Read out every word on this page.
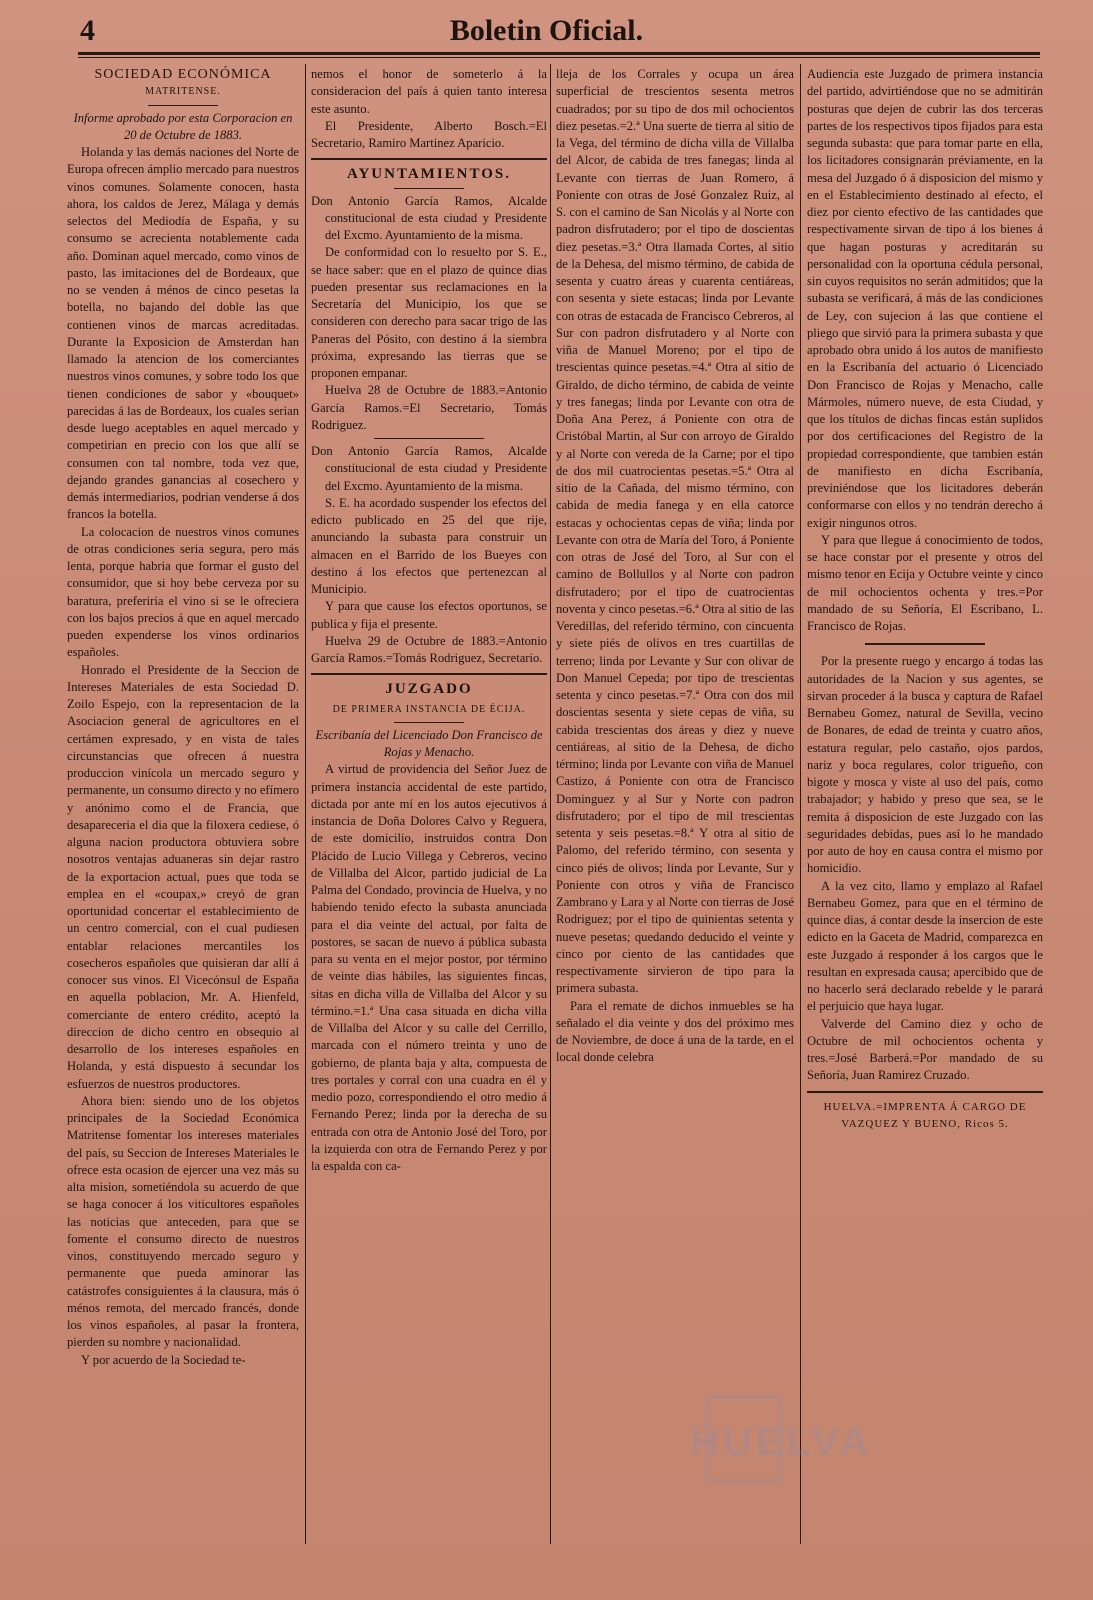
4	Boletin Oficial.

SOCIEDAD ECONÓMICA

MATRITENSE.

Informe aprobado por esta Corporacion en 20 de Octubre de 1883.

Holanda y las demás naciones del Norte de Europa ofrecen ámplio mercado para nuestros vinos comunes. Solamente conocen, hasta ahora, los caldos de Jerez, Málaga y demás selectos del Mediodía de España, y su consumo se acrecienta notablemente cada año. Dominan aquel mercado, como vinos de pasto, las imitaciones del de Bordeaux, que no se venden á ménos de cinco pesetas la botella, no bajando del doble las que contienen vinos de marcas acreditadas. Durante la Exposicion de Amsterdan han llamado la atencion de los comerciantes nuestros vinos comunes, y sobre todo los que tienen condiciones de sabor y «bouquet» parecidas á las de Bordeaux, los cuales serian desde luego aceptables en aquel mercado y competirian en precio con los que allí se consumen con tal nombre, toda vez que, dejando grandes ganancias al cosechero y demás intermediarios, podrian venderse á dos francos la botella.

La colocacion de nuestros vinos comunes de otras condiciones seria segura, pero más lenta, porque habria que formar el gusto del consumidor, que si hoy bebe cerveza por su baratura, preferiria el vino si se le ofreciera con los bajos precios á que en aquel mercado pueden expenderse los vinos ordinarios españoles.

Honrado el Presidente de la Seccion de Intereses Materiales de esta Sociedad D. Zoilo Espejo, con la representacion de la Asociacion general de agricultores en el certámen expresado, y en vista de tales circunstancias que ofrecen á nuestra produccion vinícola un mercado seguro y permanente, un consumo directo y no efímero y anónimo como el de Francia, que desapareceria el dia que la filoxera cediese, ó alguna nacion productora obtuviera sobre nosotros ventajas aduaneras sin dejar rastro de la exportacion actual, pues que toda se emplea en el «coupax,» creyó de gran oportunidad concertar el establecimiento de un centro comercial, con el cual pudiesen entablar relaciones mercantiles los cosecheros españoles que quisieran dar allí á conocer sus vinos. El Vicecónsul de España en aquella poblacion, Mr. A. Hienfeld, comerciante de entero crédito, aceptó la direccion de dicho centro en obsequio al desarrollo de los intereses españoles en Holanda, y está dispuesto á secundar los esfuerzos de nuestros productores.

Ahora bien: siendo uno de los objetos principales de la Sociedad Económica Matritense fomentar los intereses materiales del país, su Seccion de Intereses Materiales le ofrece esta ocasion de ejercer una vez más su alta mision, sometiéndola su acuerdo de que se haga conocer á los viticultores españoles las noticias que anteceden, para que se fomente el consumo directo de nuestros vinos, constituyendo mercado seguro y permanente que pueda aminorar las catástrofes consiguientes á la clausura, más ó ménos remota, del mercado francés, donde los vinos españoles, al pasar la frontera, pierden su nombre y nacionalidad.

Y por acuerdo de la Sociedad te-

nemos el honor de someterlo á la consideracion del país á quien tanto interesa este asunto.

El Presidente, Alberto Bosch.=El Secretario, Ramiro Martinez Aparicio.

AYUNTAMIENTOS.

Don Antonio García Ramos, Alcalde constitucional de esta ciudad y Presidente del Excmo. Ayuntamiento de la misma.

De conformidad con lo resuelto por S. E., se hace saber: que en el plazo de quince dias pueden presentar sus reclamaciones en la Secretaría del Municipio, los que se consideren con derecho para sacar trigo de las Paneras del Pósito, con destino á la siembra próxima, expresando las tierras que se proponen empanar.

Huelva 28 de Octubre de 1883.=Antonio García Ramos.=El Secretario, Tomás Rodriguez.

Don Antonio García Ramos, Alcalde constitucional de esta ciudad y Presidente del Excmo. Ayuntamiento de la misma.

S. E. ha acordado suspender los efectos del edicto publicado en 25 del que rije, anunciando la subasta para construir un almacen en el Barrido de los Bueyes con destino á los efectos que pertenezcan al Municipio.

Y para que cause los efectos oportunos, se publica y fija el presente.

Huelva 29 de Octubre de 1883.=Antonio García Ramos.=Tomás Rodriguez, Secretario.

JUZGADO

DE PRIMERA INSTANCIA DE ÉCIJA.

Escribanía del Licenciado Don Francisco de Rojas y Menacho.

A virtud de providencia del Señor Juez de primera instancia accidental de este partido, dictada por ante mí en los autos ejecutivos á instancia de Doña Dolores Calvo y Reguera, de este domicilio, instruidos contra Don Plácido de Lucio Villega y Cebreros, vecino de Villalba del Alcor, partido judicial de La Palma del Condado, provincia de Huelva, y no habiendo tenido efecto la subasta anunciada para el dia veinte del actual, por falta de postores, se sacan de nuevo á pública subasta para su venta en el mejor postor, por término de veinte dias hábiles, las siguientes fincas, sitas en dicha villa de Villalba del Alcor y su término.=1.ª Una casa situada en dicha villa de Villalba del Alcor y su calle del Cerrillo, marcada con el número treinta y uno de gobierno, de planta baja y alta, compuesta de tres portales y corral con una cuadra en él y medio pozo, correspondiendo el otro medio á Fernando Perez; linda por la derecha de su entrada con otra de Antonio José del Toro, por la izquierda con otra de Fernando Perez y por la espalda con ca-

lleja de los Corrales y ocupa un área superficial de trescientos sesenta metros cuadrados; por su tipo de dos mil ochocientos diez pesetas.=2.ª Una suerte de tierra al sitio de la Vega, del término de dicha villa de Villalba del Alcor, de cabida de tres fanegas; linda al Levante con tierras de Juan Romero, á Poniente con otras de José Gonzalez Ruiz, al S. con el camino de San Nicolás y al Norte con padron disfrutadero; por el tipo de doscientas diez pesetas.=3.ª Otra llamada Cortes, al sitio de la Dehesa, del mismo término, de cabida de sesenta y cuatro áreas y cuarenta centiáreas, con sesenta y siete estacas; linda por Levante con otras de estacada de Francisco Cebreros, al Sur con padron disfrutadero y al Norte con viña de Manuel Moreno; por el tipo de trescientas quince pesetas.=4.ª Otra al sitio de Giraldo, de dicho término, de cabida de veinte y tres fanegas; linda por Levante con otra de Doña Ana Perez, á Poniente con otra de Cristóbal Martin, al Sur con arroyo de Giraldo y al Norte con vereda de la Carne; por el tipo de dos mil cuatrocientas pesetas.=5.ª Otra al sitio de la Cañada, del mismo término, con cabida de media fanega y en ella catorce estacas y ochocientas cepas de viña; linda por Levante con otra de María del Toro, á Poniente con otras de José del Toro, al Sur con el camino de Bollullos y al Norte con padron disfrutadero; por el tipo de cuatrocientas noventa y cinco pesetas.=6.ª Otra al sitio de las Veredillas, del referido término, con cincuenta y siete piés de olivos en tres cuartillas de terreno; linda por Levante y Sur con olivar de Don Manuel Cepeda; por tipo de trescientas setenta y cinco pesetas.=7.ª Otra con dos mil doscientas sesenta y siete cepas de viña, su cabida trescientas dos áreas y diez y nueve centiáreas, al sitio de la Dehesa, de dicho término; linda por Levante con viña de Manuel Castizo, á Poniente con otra de Francisco Dominguez y al Sur y Norte con padron disfrutadero; por el tipo de mil trescientas setenta y seis pesetas.=8.ª Y otra al sitio de Palomo, del referido término, con sesenta y cinco piés de olivos; linda por Levante, Sur y Poniente con otros y viña de Francisco Zambrano y Lara y al Norte con tierras de José Rodriguez; por el tipo de quinientas setenta y nueve pesetas; quedando deducido el veinte y cinco por ciento de las cantidades que respectivamente sirvieron de tipo para la primera subasta.

Para el remate de dichos inmuebles se ha señalado el dia veinte y dos del próximo mes de Noviembre, de doce á una de la tarde, en el local donde celebra

Audiencia este Juzgado de primera instancia del partido, advirtiéndose que no se admitirán posturas que dejen de cubrir las dos terceras partes de los respectivos tipos fijados para esta segunda subasta: que para tomar parte en ella, los licitadores consignarán préviamente, en la mesa del Juzgado ó á disposicion del mismo y en el Establecimiento destinado al efecto, el diez por ciento efectivo de las cantidades que respectivamente sirvan de tipo á los bienes á que hagan posturas y acreditarán su personalidad con la oportuna cédula personal, sin cuyos requisitos no serán admitidos; que la subasta se verificará, á más de las condiciones de Ley, con sujecion á las que contiene el pliego que sirvió para la primera subasta y que aprobado obra unido á los autos de manifiesto en la Escribanía del actuario ó Licenciado Don Francisco de Rojas y Menacho, calle Mármoles, número nueve, de esta Ciudad, y que los títulos de dichas fincas están suplidos por dos certificaciones del Registro de la propiedad correspondiente, que tambien están de manifiesto en dicha Escribanía, previniéndose que los licitadores deberán conformarse con ellos y no tendrán derecho á exigir ningunos otros.

Y para que llegue á conocimiento de todos, se hace constar por el presente y otros del mismo tenor en Ecija y Octubre veinte y cinco de mil ochocientos ochenta y tres.=Por mandado de su Señoría, El Escribano, L. Francisco de Rojas.

Por la presente ruego y encargo á todas las autoridades de la Nacion y sus agentes, se sirvan proceder á la busca y captura de Rafael Bernabeu Gomez, natural de Sevilla, vecino de Bonares, de edad de treinta y cuatro años, estatura regular, pelo castaño, ojos pardos, nariz y boca regulares, color trigueño, con bigote y mosca y viste al uso del país, como trabajador; y habido y preso que sea, se le remita á disposicion de este Juzgado con las seguridades debidas, pues así lo he mandado por auto de hoy en causa contra el mismo por homicidio.

A la vez cito, llamo y emplazo al Rafael Bernabeu Gomez, para que en el término de quince dias, á contar desde la insercion de este edicto en la Gaceta de Madrid, comparezca en este Juzgado á responder á los cargos que le resultan en expresada causa; apercibido que de no hacerlo será declarado rebelde y le parará el perjuicio que haya lugar.

Valverde del Camino diez y ocho de Octubre de mil ochocientos ochenta y tres.=José Barberá.=Por mandado de su Señoría, Juan Ramirez Cruzado.

HUELVA.=IMPRENTA Á CARGO DE VAZQUEZ Y BUENO, Ricos 5.

HUELVA
